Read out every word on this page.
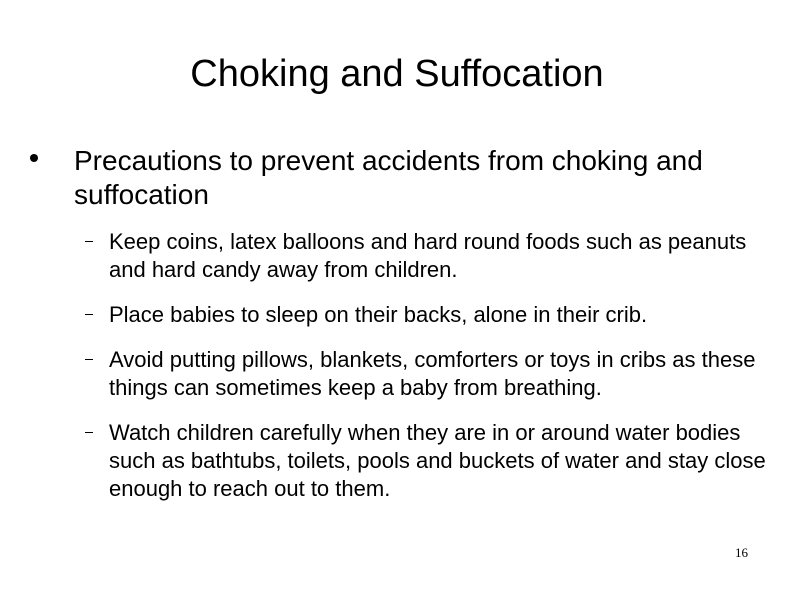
Choking and Suffocation
Precautions to prevent accidents from choking and suffocation
Keep coins, latex balloons and hard round foods such as peanuts and hard candy away from children.
Place babies to sleep on their backs, alone in their crib.
Avoid putting pillows, blankets, comforters or toys in cribs as these things can sometimes keep a baby from breathing.
Watch children carefully when they are in or around water bodies such as bathtubs, toilets, pools and buckets of water and stay close enough to reach out to them.
16
